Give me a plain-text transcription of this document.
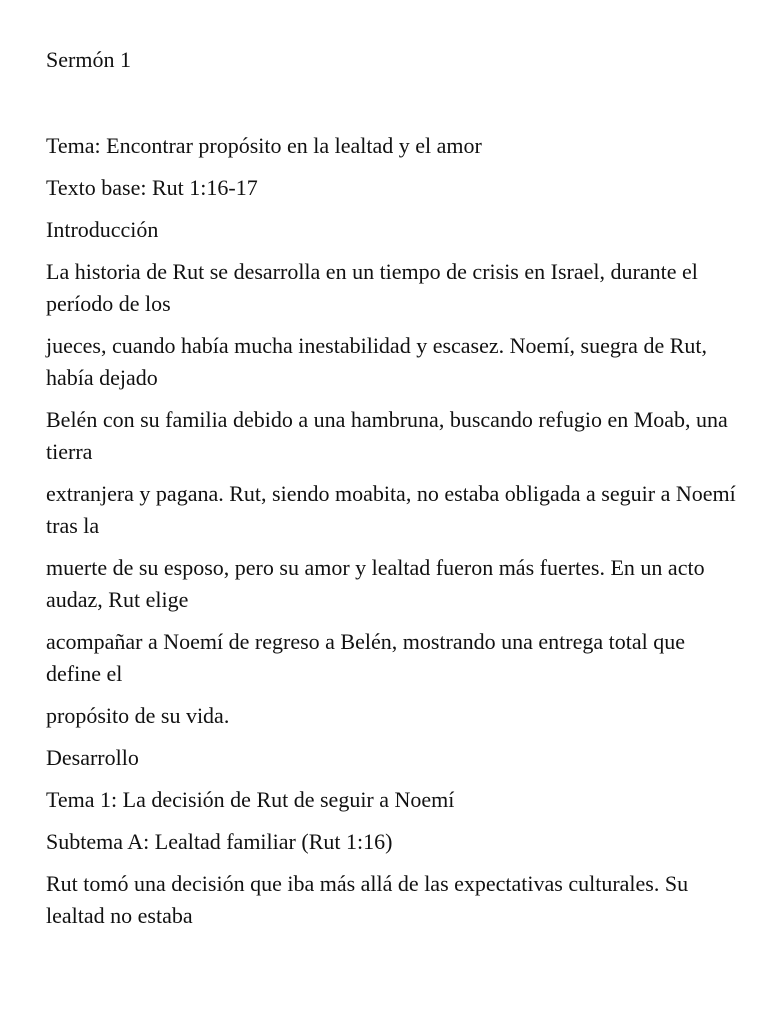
Sermón 1

Tema: Encontrar propósito en la lealtad y el amor

Texto base: Rut 1:16-17

Introducción

La historia de Rut se desarrolla en un tiempo de crisis en Israel, durante el período de los

jueces, cuando había mucha inestabilidad y escasez. Noemí, suegra de Rut, había dejado

Belén con su familia debido a una hambruna, buscando refugio en Moab, una tierra

extranjera y pagana. Rut, siendo moabita, no estaba obligada a seguir a Noemí tras la

muerte de su esposo, pero su amor y lealtad fueron más fuertes. En un acto audaz, Rut elige

acompañar a Noemí de regreso a Belén, mostrando una entrega total que define el

propósito de su vida.

Desarrollo

Tema 1: La decisión de Rut de seguir a Noemí

Subtema A: Lealtad familiar (Rut 1:16)

Rut tomó una decisión que iba más allá de las expectativas culturales. Su lealtad no estaba
